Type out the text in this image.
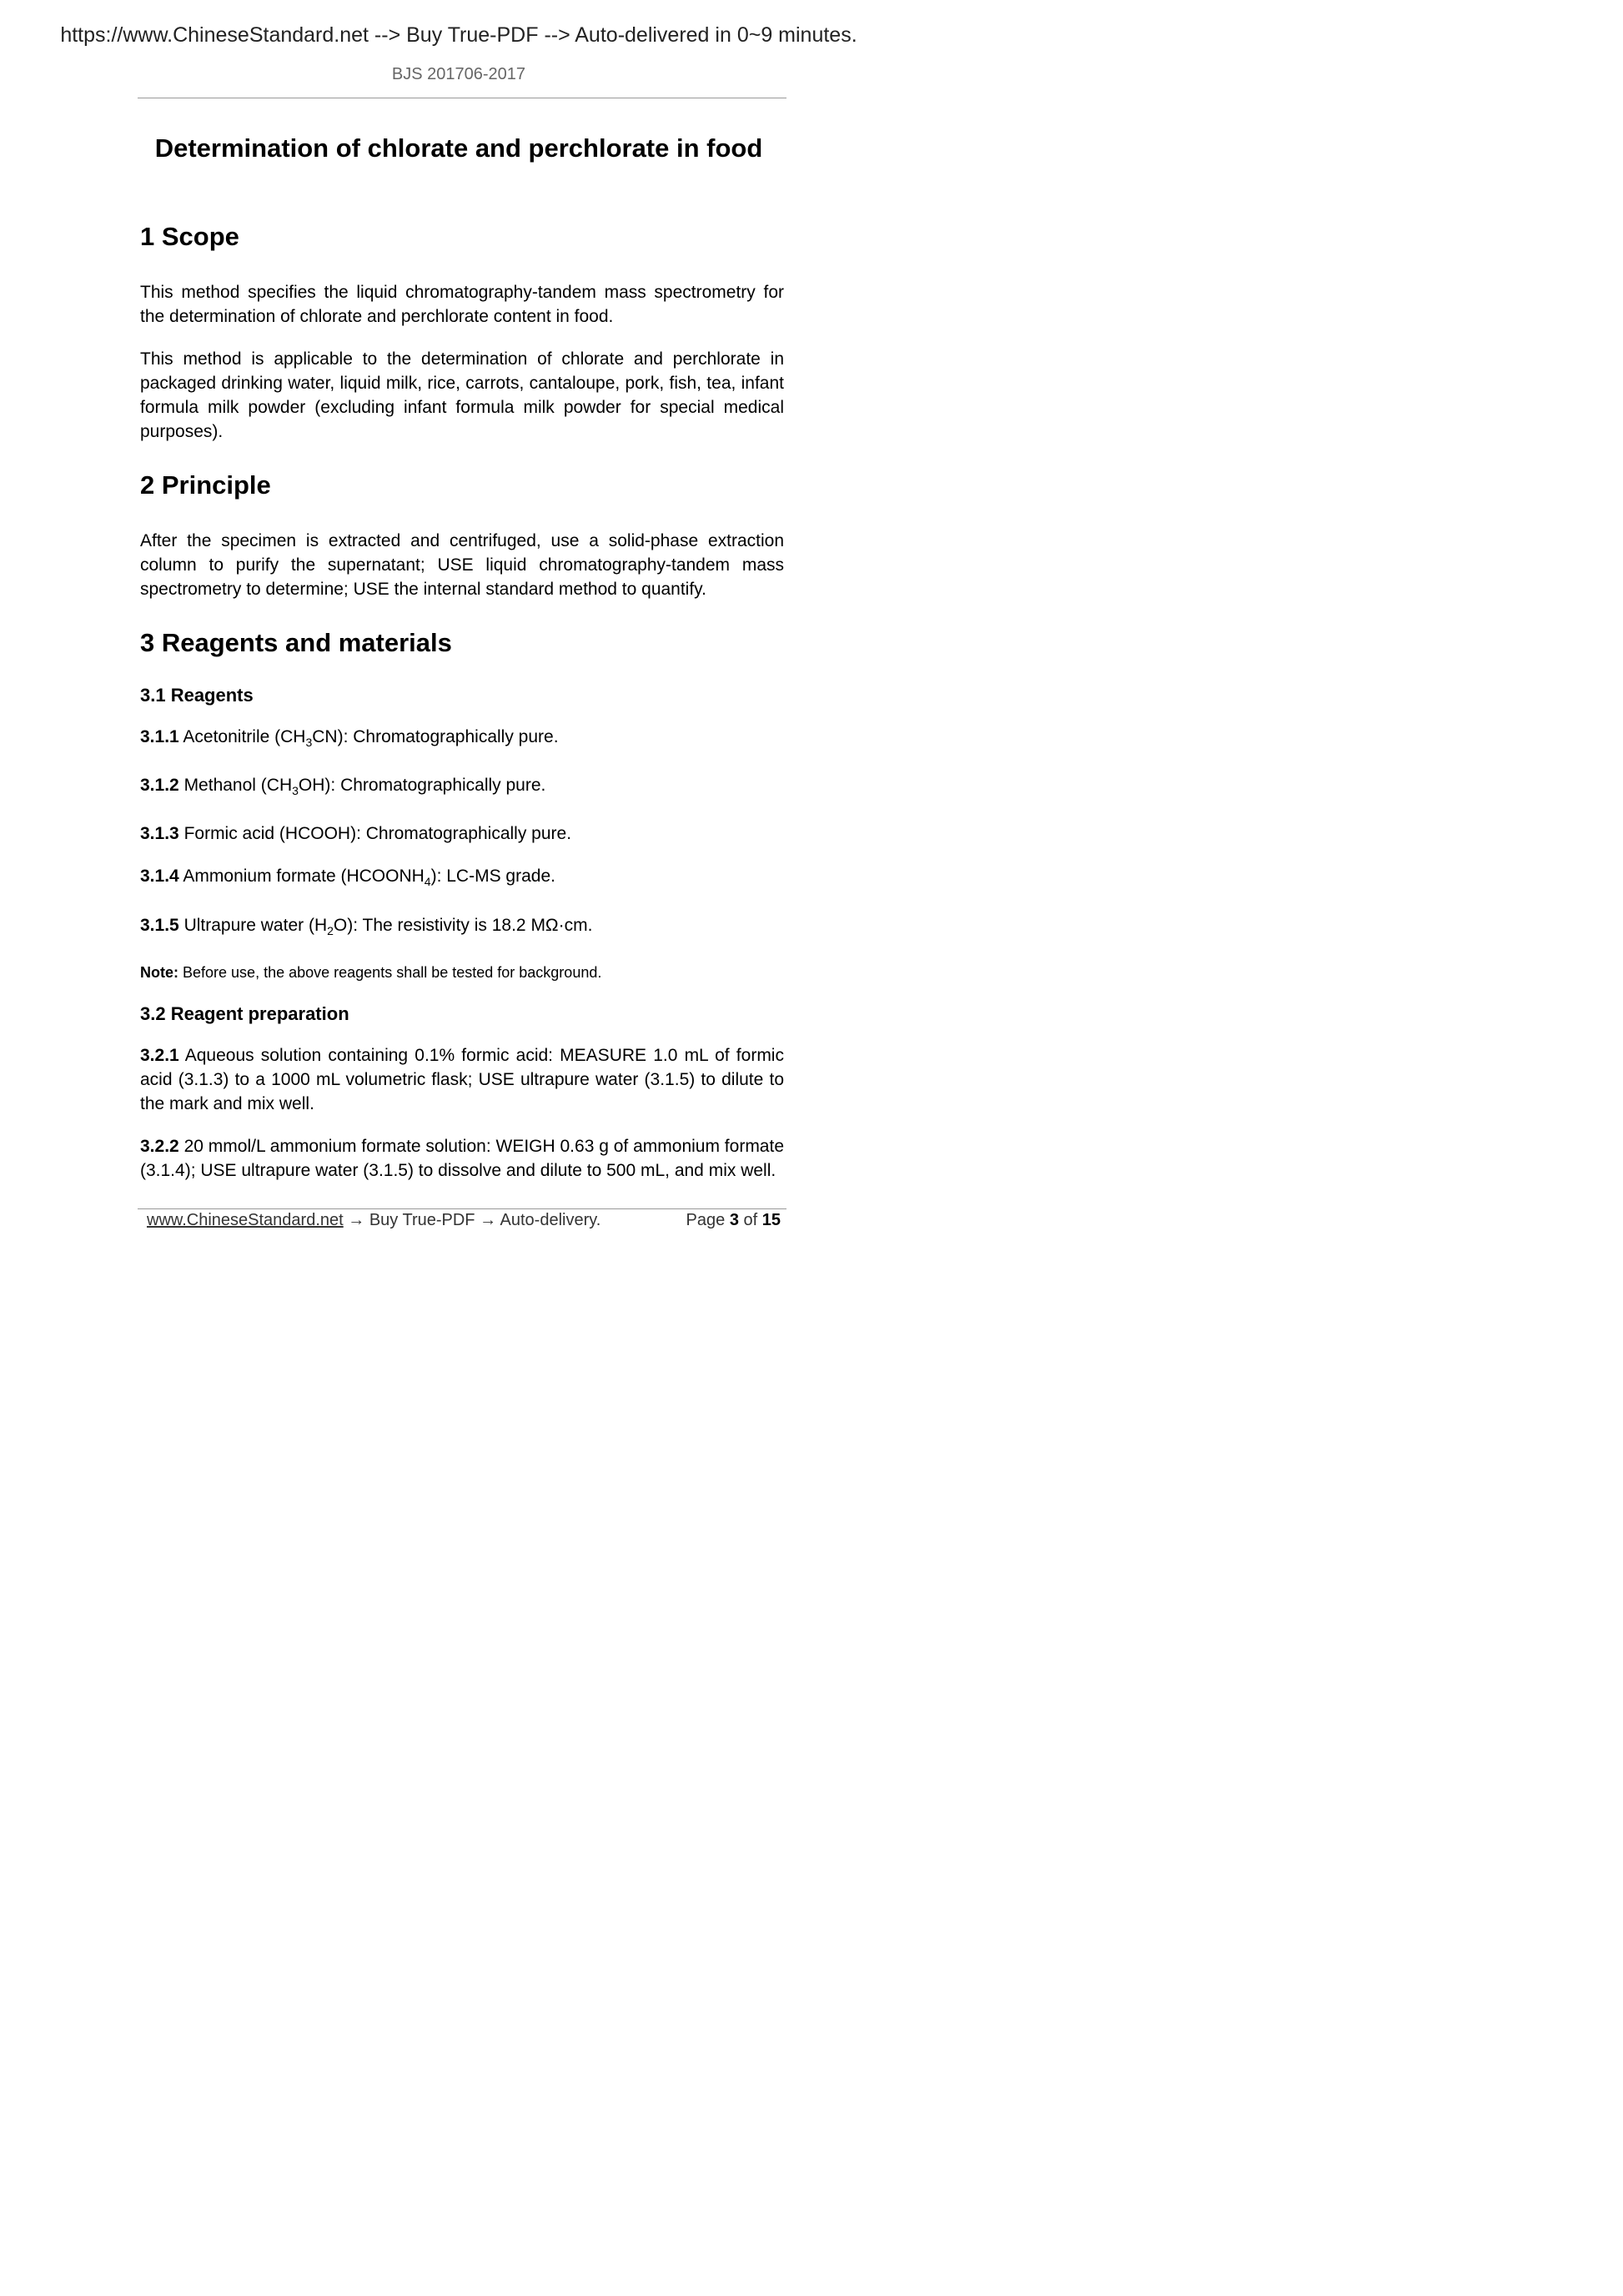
https://www.ChineseStandard.net --> Buy True-PDF --> Auto-delivered in 0~9 minutes.
BJS 201706-2017
Determination of chlorate and perchlorate in food
1 Scope

This method specifies the liquid chromatography-tandem mass spectrometry for the determination of chlorate and perchlorate content in food.

This method is applicable to the determination of chlorate and perchlorate in packaged drinking water, liquid milk, rice, carrots, cantaloupe, pork, fish, tea, infant formula milk powder (excluding infant formula milk powder for special medical purposes).

2 Principle

After the specimen is extracted and centrifuged, use a solid-phase extraction column to purify the supernatant; USE liquid chromatography-tandem mass spectrometry to determine; USE the internal standard method to quantify.

3 Reagents and materials
3.1 Reagents

3.1.1 Acetonitrile $(CH_3CN)$: Chromatographically pure.

3.1.2 Methanol $(CH_3OH)$: Chromatographically pure.

3.1.3 Formic acid (HCOOH): Chromatographically pure.

3.1.4 Ammonium formate $(HCOONH_4)$: LC-MS grade.

3.1.5 Ultrapure water $(H_2O)$: The resistivity is 18.2 MΩ·cm.

Note: Before use, the above reagents shall be tested for background.

3.2 Reagent preparation

3.2.1 Aqueous solution containing 0.1% formic acid: MEASURE 1.0 mL of formic acid (3.1.3) to a 1000 mL volumetric flask; USE ultrapure water (3.1.5) to dilute to the mark and mix well.

3.2.2 20 mmol/L ammonium formate solution: WEIGH 0.63 g of ammonium formate (3.1.4); USE ultrapure water (3.1.5) to dissolve and dilute to 500 mL, and mix well.

www.ChineseStandard.net → Buy True-PDF → Auto-delivery.	Page 3 of 15
